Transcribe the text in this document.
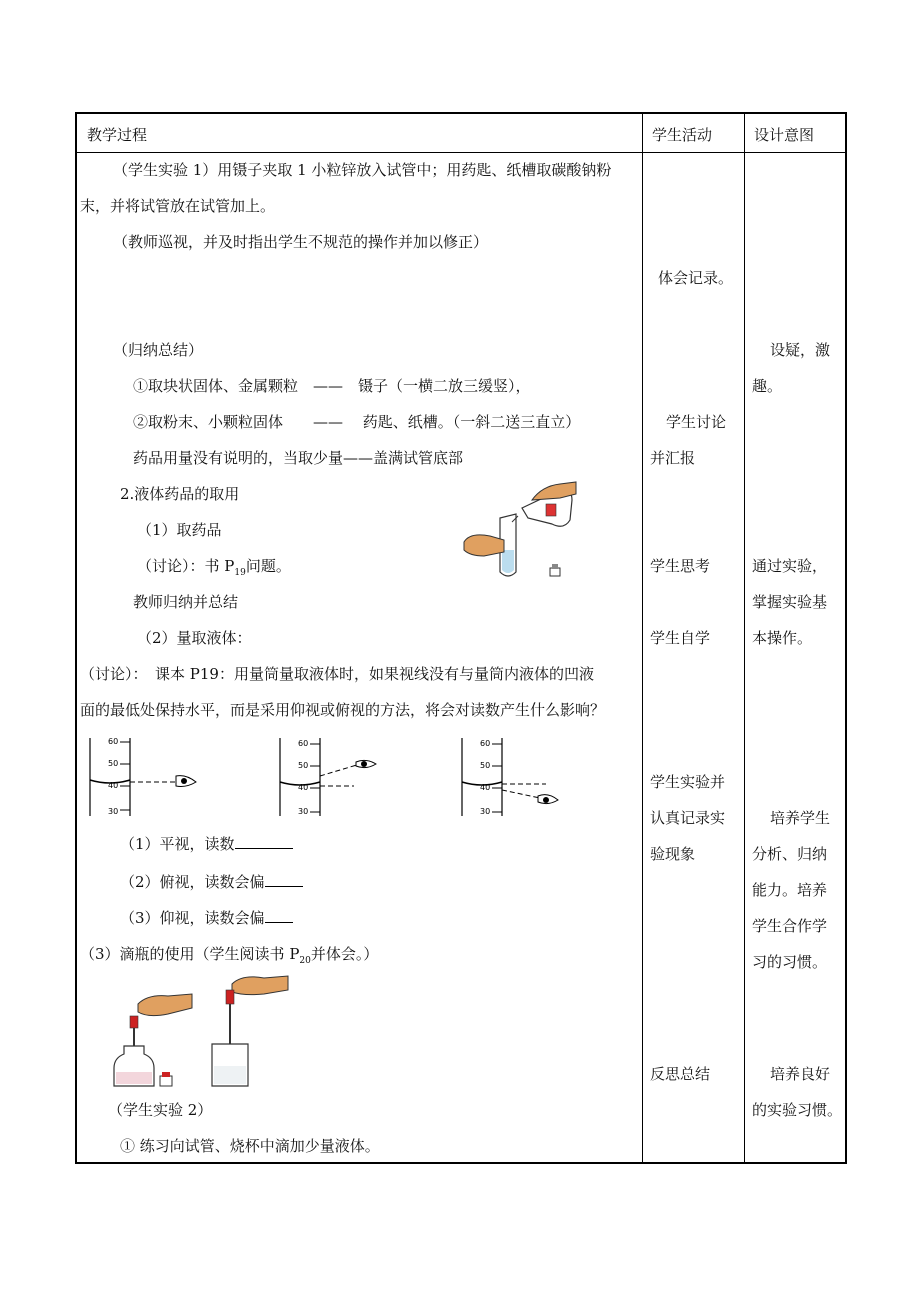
教学过程	学生活动	设计意图
（学生实验 1）用镊子夹取 1 小粒锌放入试管中；用药匙、纸槽取碳酸钠粉
末，并将试管放在试管加上。
（教师巡视，并及时指出学生不规范的操作并加以修正）
（归纳总结）
①取块状固体、金属颗粒　——　镊子（一横二放三缓竖），
②取粉末、小颗粒固体　　——　 药匙、纸槽。（一斜二送三直立）
药品用量没有说明的，当取少量——盖满试管底部
2.液体药品的取用
（1）取药品
（讨论）：书 $P_{19}$问题。
教师归纳并总结
（2）量取液体：
（讨论）：　课本 P19：用量筒量取液体时，如果视线没有与量筒内液体的凹液
面的最低处保持水平，而是采用仰视或俯视的方法，将会对读数产生什么影响？
60
50
40
30
60
50
40
30
60
50
40
30
（1）平视，读数
（2）俯视，读数会偏
（3）仰视，读数会偏
（3）滴瓶的使用（学生阅读书 $P_{20}$并体会。）
（学生实验 2）
① 练习向试管、烧杯中滴加少量液体。
体会记录。
学生讨论
并汇报
学生思考
学生自学
学生实验并
认真记录实
验现象
反思总结
设疑，激
趣。
通过实验，
掌握实验基
本操作。
培养学生
分析、归纳
能力。培养
学生合作学
习的习惯。
培养良好
的实验习惯。
